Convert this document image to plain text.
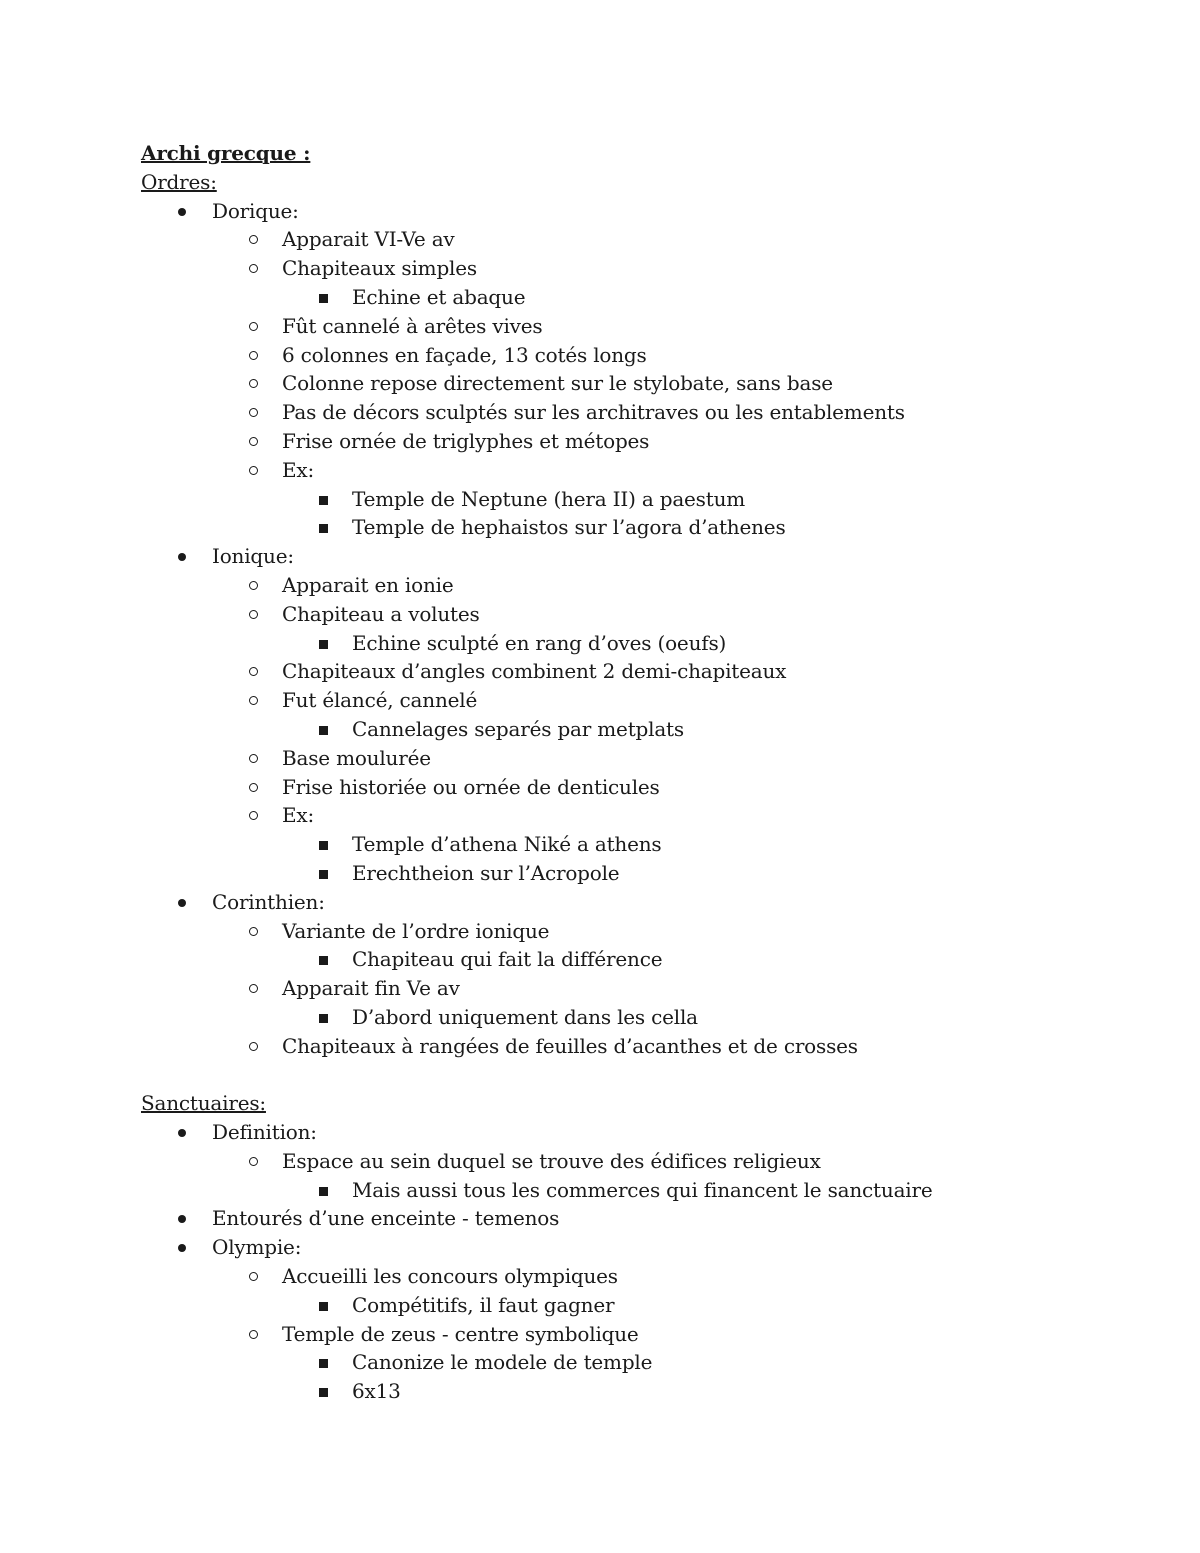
Archi grecque :
Ordres:
Dorique:
Apparait VI-Ve av
Chapiteaux simples
Echine et abaque
Fût cannelé à arêtes vives
6 colonnes en façade, 13 cotés longs
Colonne repose directement sur le stylobate, sans base
Pas de décors sculptés sur les architraves ou les entablements
Frise ornée de triglyphes et métopes
Ex:
Temple de Neptune (hera II) a paestum
Temple de hephaistos sur l’agora d’athenes
Ionique:
Apparait en ionie
Chapiteau a volutes
Echine sculpté en rang d’oves (oeufs)
Chapiteaux d’angles combinent 2 demi-chapiteaux
Fut élancé, cannelé
Cannelages separés par metplats
Base moulurée
Frise historiée ou ornée de denticules
Ex:
Temple d’athena Niké a athens
Erechtheion sur l’Acropole
Corinthien:
Variante de l’ordre ionique
Chapiteau qui fait la différence
Apparait fin Ve av
D’abord uniquement dans les cella
Chapiteaux à rangées de feuilles d’acanthes et de crosses
Sanctuaires:
Definition:
Espace au sein duquel se trouve des édifices religieux
Mais aussi tous les commerces qui financent le sanctuaire
Entourés d’une enceinte - temenos
Olympie:
Accueilli les concours olympiques
Compétitifs, il faut gagner
Temple de zeus - centre symbolique
Canonize le modele de temple
6x13
